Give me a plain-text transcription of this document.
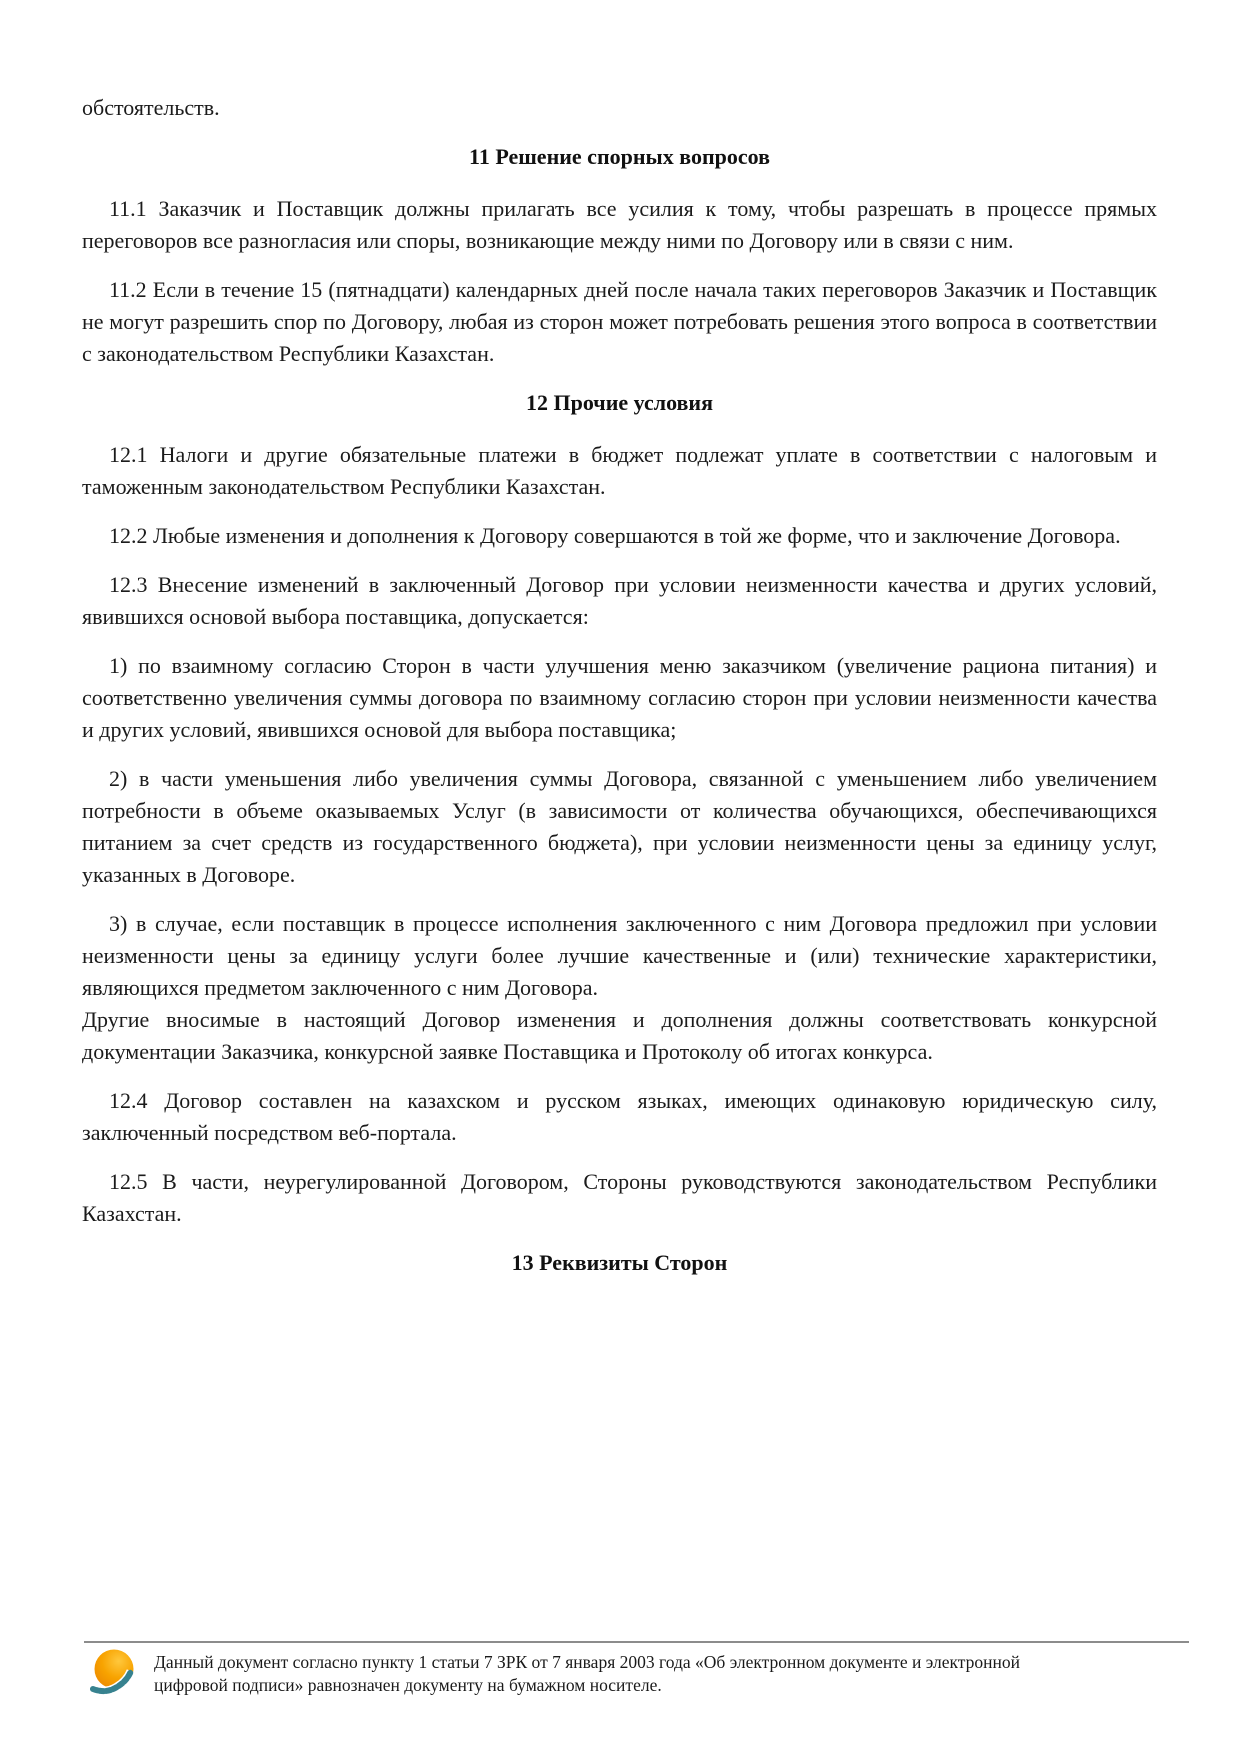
обстоятельств.

11 Решение спорных вопросов

11.1 Заказчик и Поставщик должны прилагать все усилия к тому, чтобы разрешать в процессе прямых переговоров все разногласия или споры, возникающие между ними по Договору или в связи с ним.

11.2 Если в течение 15 (пятнадцати) календарных дней после начала таких переговоров Заказчик и Поставщик не могут разрешить спор по Договору, любая из сторон может потребовать решения этого вопроса в соответствии с законодательством Республики Казахстан.

12 Прочие условия

12.1 Налоги и другие обязательные платежи в бюджет подлежат уплате в соответствии с налоговым и таможенным законодательством Республики Казахстан.

12.2 Любые изменения и дополнения к Договору совершаются в той же форме, что и заключение Договора.

12.3 Внесение изменений в заключенный Договор при условии неизменности качества и других условий, явившихся основой выбора поставщика, допускается:

1) по взаимному согласию Сторон в части улучшения меню заказчиком (увеличение рациона питания) и соответственно увеличения суммы договора по взаимному согласию сторон при условии неизменности качества и других условий, явившихся основой для выбора поставщика;

2) в части уменьшения либо увеличения суммы Договора, связанной с уменьшением либо увеличением потребности в объеме оказываемых Услуг (в зависимости от количества обучающихся, обеспечивающихся питанием за счет средств из государственного бюджета), при условии неизменности цены за единицу услуг, указанных в Договоре.

3) в случае, если поставщик в процессе исполнения заключенного с ним Договора предложил при условии неизменности цены за единицу услуги более лучшие качественные и (или) технические характеристики, являющихся предметом заключенного с ним Договора.

Другие вносимые в настоящий Договор изменения и дополнения должны соответствовать конкурсной документации Заказчика, конкурсной заявке Поставщика и Протоколу об итогах конкурса.

12.4 Договор составлен на казахском и русском языках, имеющих одинаковую юридическую силу, заключенный посредством веб-портала.

12.5 В части, неурегулированной Договором, Стороны руководствуются законодательством Республики Казахстан.

13 Реквизиты Сторон
Данный документ согласно пункту 1 статьи 7 ЗРК от 7 января 2003 года «Об электронном документе и электронной цифровой подписи» равнозначен документу на бумажном носителе.
